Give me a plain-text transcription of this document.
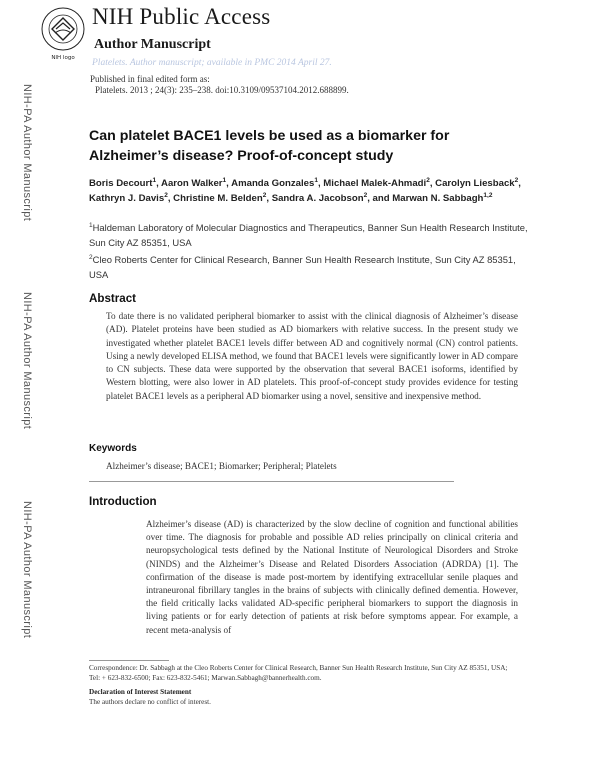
NIH logo
NIH Public Access
Author Manuscript
Platelets. Author manuscript; available in PMC 2014 April 27.
Published in final edited form as:
Platelets. 2013 ; 24(3): 235–238. doi:10.3109/09537104.2012.688899.
NIH-PA Author Manuscript
NIH-PA Author Manuscript
NIH-PA Author Manuscript
Can platelet BACE1 levels be used as a biomarker for Alzheimer’s disease? Proof-of-concept study
Boris Decourt$^1$, Aaron Walker$^1$, Amanda Gonzales$^1$, Michael Malek-Ahmadi$^2$, Carolyn Liesback$^2$, Kathryn J. Davis$^2$, Christine M. Belden$^2$, Sandra A. Jacobson$^2$, and Marwan N. Sabbagh$^{1,2}$
$^1$Haldeman Laboratory of Molecular Diagnostics and Therapeutics, Banner Sun Health Research Institute, Sun City AZ 85351, USA
$^2$Cleo Roberts Center for Clinical Research, Banner Sun Health Research Institute, Sun City AZ 85351, USA
Abstract
To date there is no validated peripheral biomarker to assist with the clinical diagnosis of Alzheimer’s disease (AD). Platelet proteins have been studied as AD biomarkers with relative success. In the present study we investigated whether platelet BACE1 levels differ between AD and cognitively normal (CN) control patients. Using a newly developed ELISA method, we found that BACE1 levels were significantly lower in AD compare to CN subjects. These data were supported by the observation that several BACE1 isoforms, identified by Western blotting, were also lower in AD platelets. This proof-of-concept study provides evidence for testing platelet BACE1 levels as a peripheral AD biomarker using a novel, sensitive and inexpensive method.
Keywords
Alzheimer’s disease; BACE1; Biomarker; Peripheral; Platelets
Introduction
Alzheimer’s disease (AD) is characterized by the slow decline of cognition and functional abilities over time. The diagnosis for probable and possible AD relies principally on clinical criteria and neuropsychological tests defined by the National Institute of Neurological Disorders and Stroke (NINDS) and the Alzheimer’s Disease and Related Disorders Association (ADRDA) [1]. The confirmation of the disease is made post-mortem by identifying extracellular senile plaques and intraneuronal fibrillary tangles in the brains of subjects with clinically defined dementia. However, the field critically lacks validated AD-specific peripheral biomarkers to support the diagnosis in living patients or for early detection of patients at risk before symptoms appear. For example, a recent meta-analysis of
Correspondence: Dr. Sabbagh at the Cleo Roberts Center for Clinical Research, Banner Sun Health Research Institute, Sun City AZ 85351, USA; Tel: + 623-832-6500; Fax: 623-832-5461; Marwan.Sabbagh@bannerhealth.com.
Declaration of Interest Statement
The authors declare no conflict of interest.
